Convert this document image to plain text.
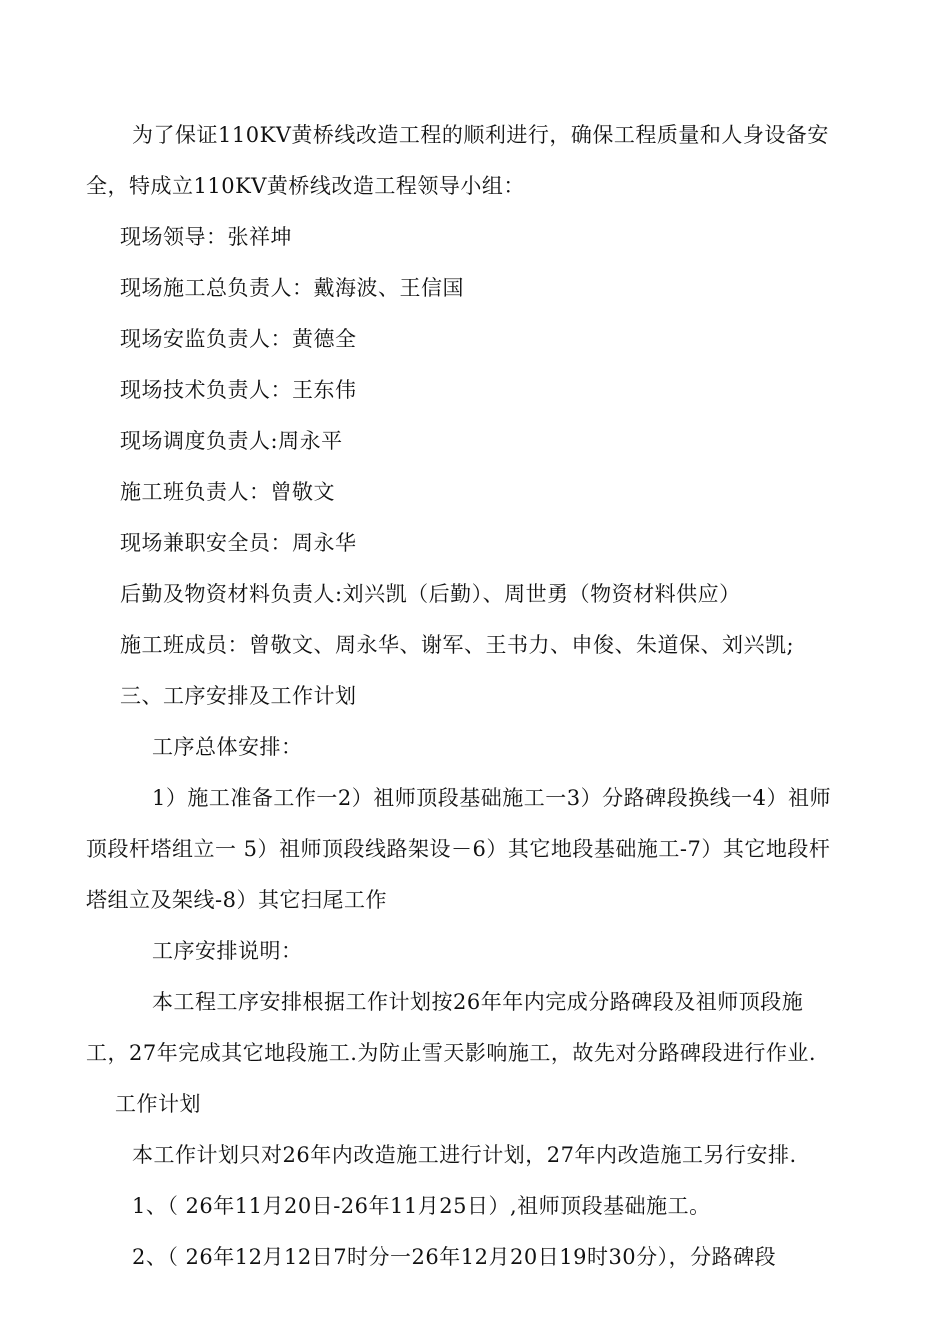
为了保证110KV黄桥线改造工程的顺利进行，确保工程质量和人身设备安
全，特成立110KV黄桥线改造工程领导小组：
现场领导：张祥坤
现场施工总负责人：戴海波、王信国
现场安监负责人：黄德全
现场技术负责人：王东伟
现场调度负责人:周永平
施工班负责人：曾敬文
现场兼职安全员：周永华
后勤及物资材料负责人:刘兴凯（后勤）、周世勇（物资材料供应）
施工班成员：曾敬文、周永华、谢军、王书力、申俊、朱道保、刘兴凯;
三、工序安排及工作计划
工序总体安排：
1）施工准备工作一2）祖师顶段基础施工一3）分路碑段换线一4）祖师
顶段杆塔组立一 5）祖师顶段线路架设－6）其它地段基础施工-7）其它地段杆
塔组立及架线-8）其它扫尾工作
工序安排说明：
本工程工序安排根据工作计划按26年年内完成分路碑段及祖师顶段施
工，27年完成其它地段施工.为防止雪天影响施工，故先对分路碑段进行作业.
工作计划
本工作计划只对26年内改造施工进行计划，27年内改造施工另行安排.
1、（ 26年11月20日-26年11月25日）,祖师顶段基础施工。
2、（ 26年12月12日7时分一26年12月20日19时30分），分路碑段
